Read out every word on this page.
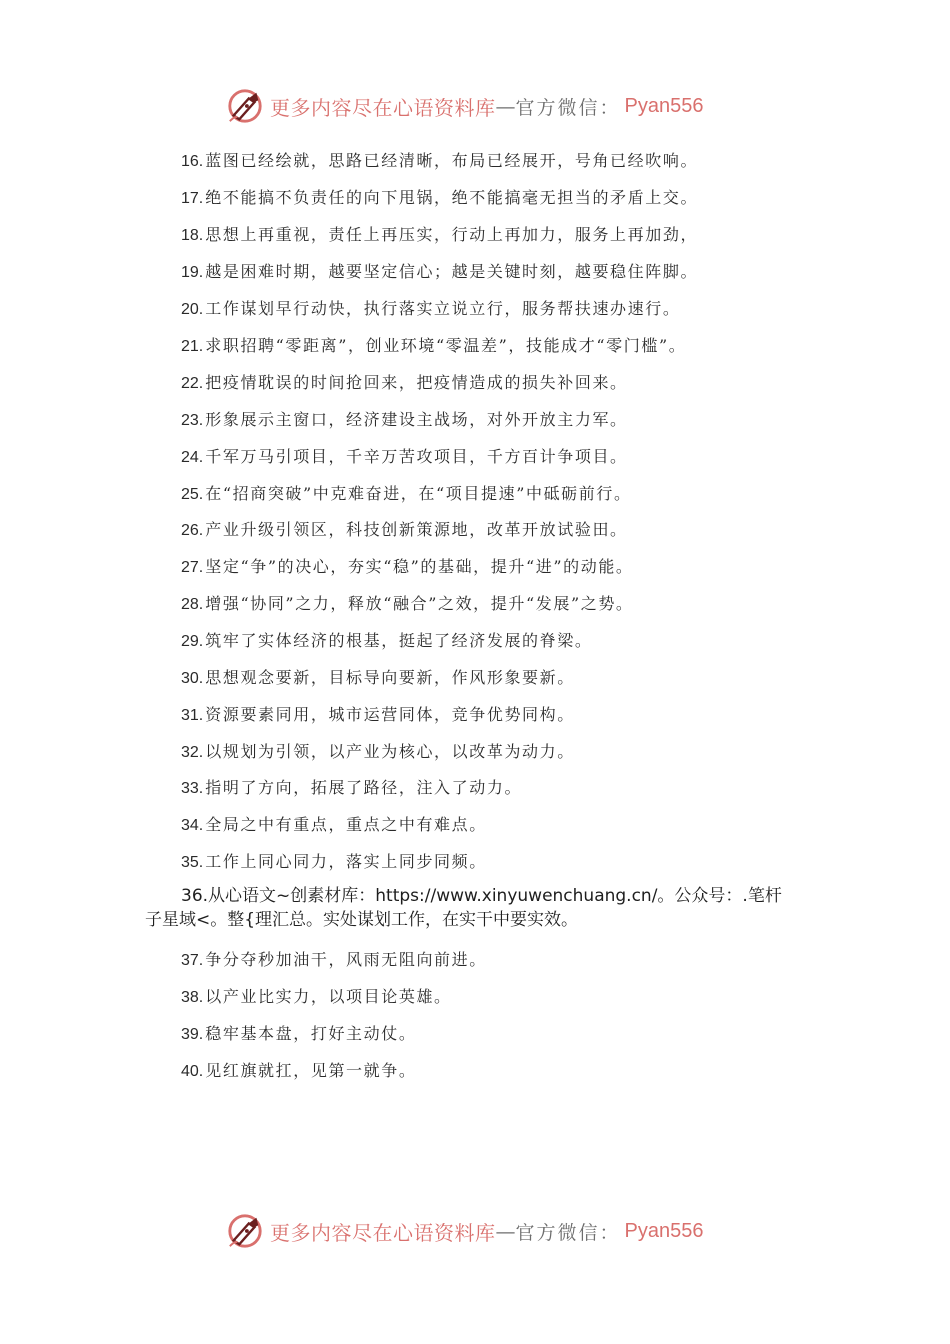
更多内容尽在心语资料库 — 官方微信： Pyan556
16. 蓝图已经绘就，思路已经清晰，布局已经展开，号角已经吹响。
17. 绝不能搞不负责任的向下甩锅，绝不能搞毫无担当的矛盾上交。
18. 思想上再重视，责任上再压实，行动上再加力，服务上再加劲，
19. 越是困难时期，越要坚定信心；越是关键时刻，越要稳住阵脚。
20. 工作谋划早行动快，执行落实立说立行，服务帮扶速办速行。
21. 求职招聘“零距离”，创业环境“零温差”，技能成才“零门槛”。
22. 把疫情耽误的时间抢回来，把疫情造成的损失补回来。
23. 形象展示主窗口，经济建设主战场，对外开放主力军。
24. 千军万马引项目，千辛万苦攻项目，千方百计争项目。
25. 在“招商突破”中克难奋进，在“项目提速”中砥砺前行。
26. 产业升级引领区，科技创新策源地，改革开放试验田。
27. 坚定“争”的决心，夯实“稳”的基础，提升“进”的动能。
28. 增强“协同”之力，释放“融合”之效，提升“发展”之势。
29. 筑牢了实体经济的根基，挺起了经济发展的脊梁。
30. 思想观念要新，目标导向要新，作风形象要新。
31. 资源要素同用，城市运营同体，竞争优势同构。
32. 以规划为引领，以产业为核心，以改革为动力。
33. 指明了方向，拓展了路径，注入了动力。
34. 全局之中有重点，重点之中有难点。
35. 工作上同心同力，落实上同步同频。
36.从心语文~创素材库：https://www.xinyuwenchuang.cn/。公众号：.笔杆
子星域<。整{理汇总。实处谋划工作，在实干中要实效。
37. 争分夺秒加油干，风雨无阻向前进。
38. 以产业比实力，以项目论英雄。
39. 稳牢基本盘，打好主动仗。
40. 见红旗就扛，见第一就争。
更多内容尽在心语资料库 — 官方微信： Pyan556
